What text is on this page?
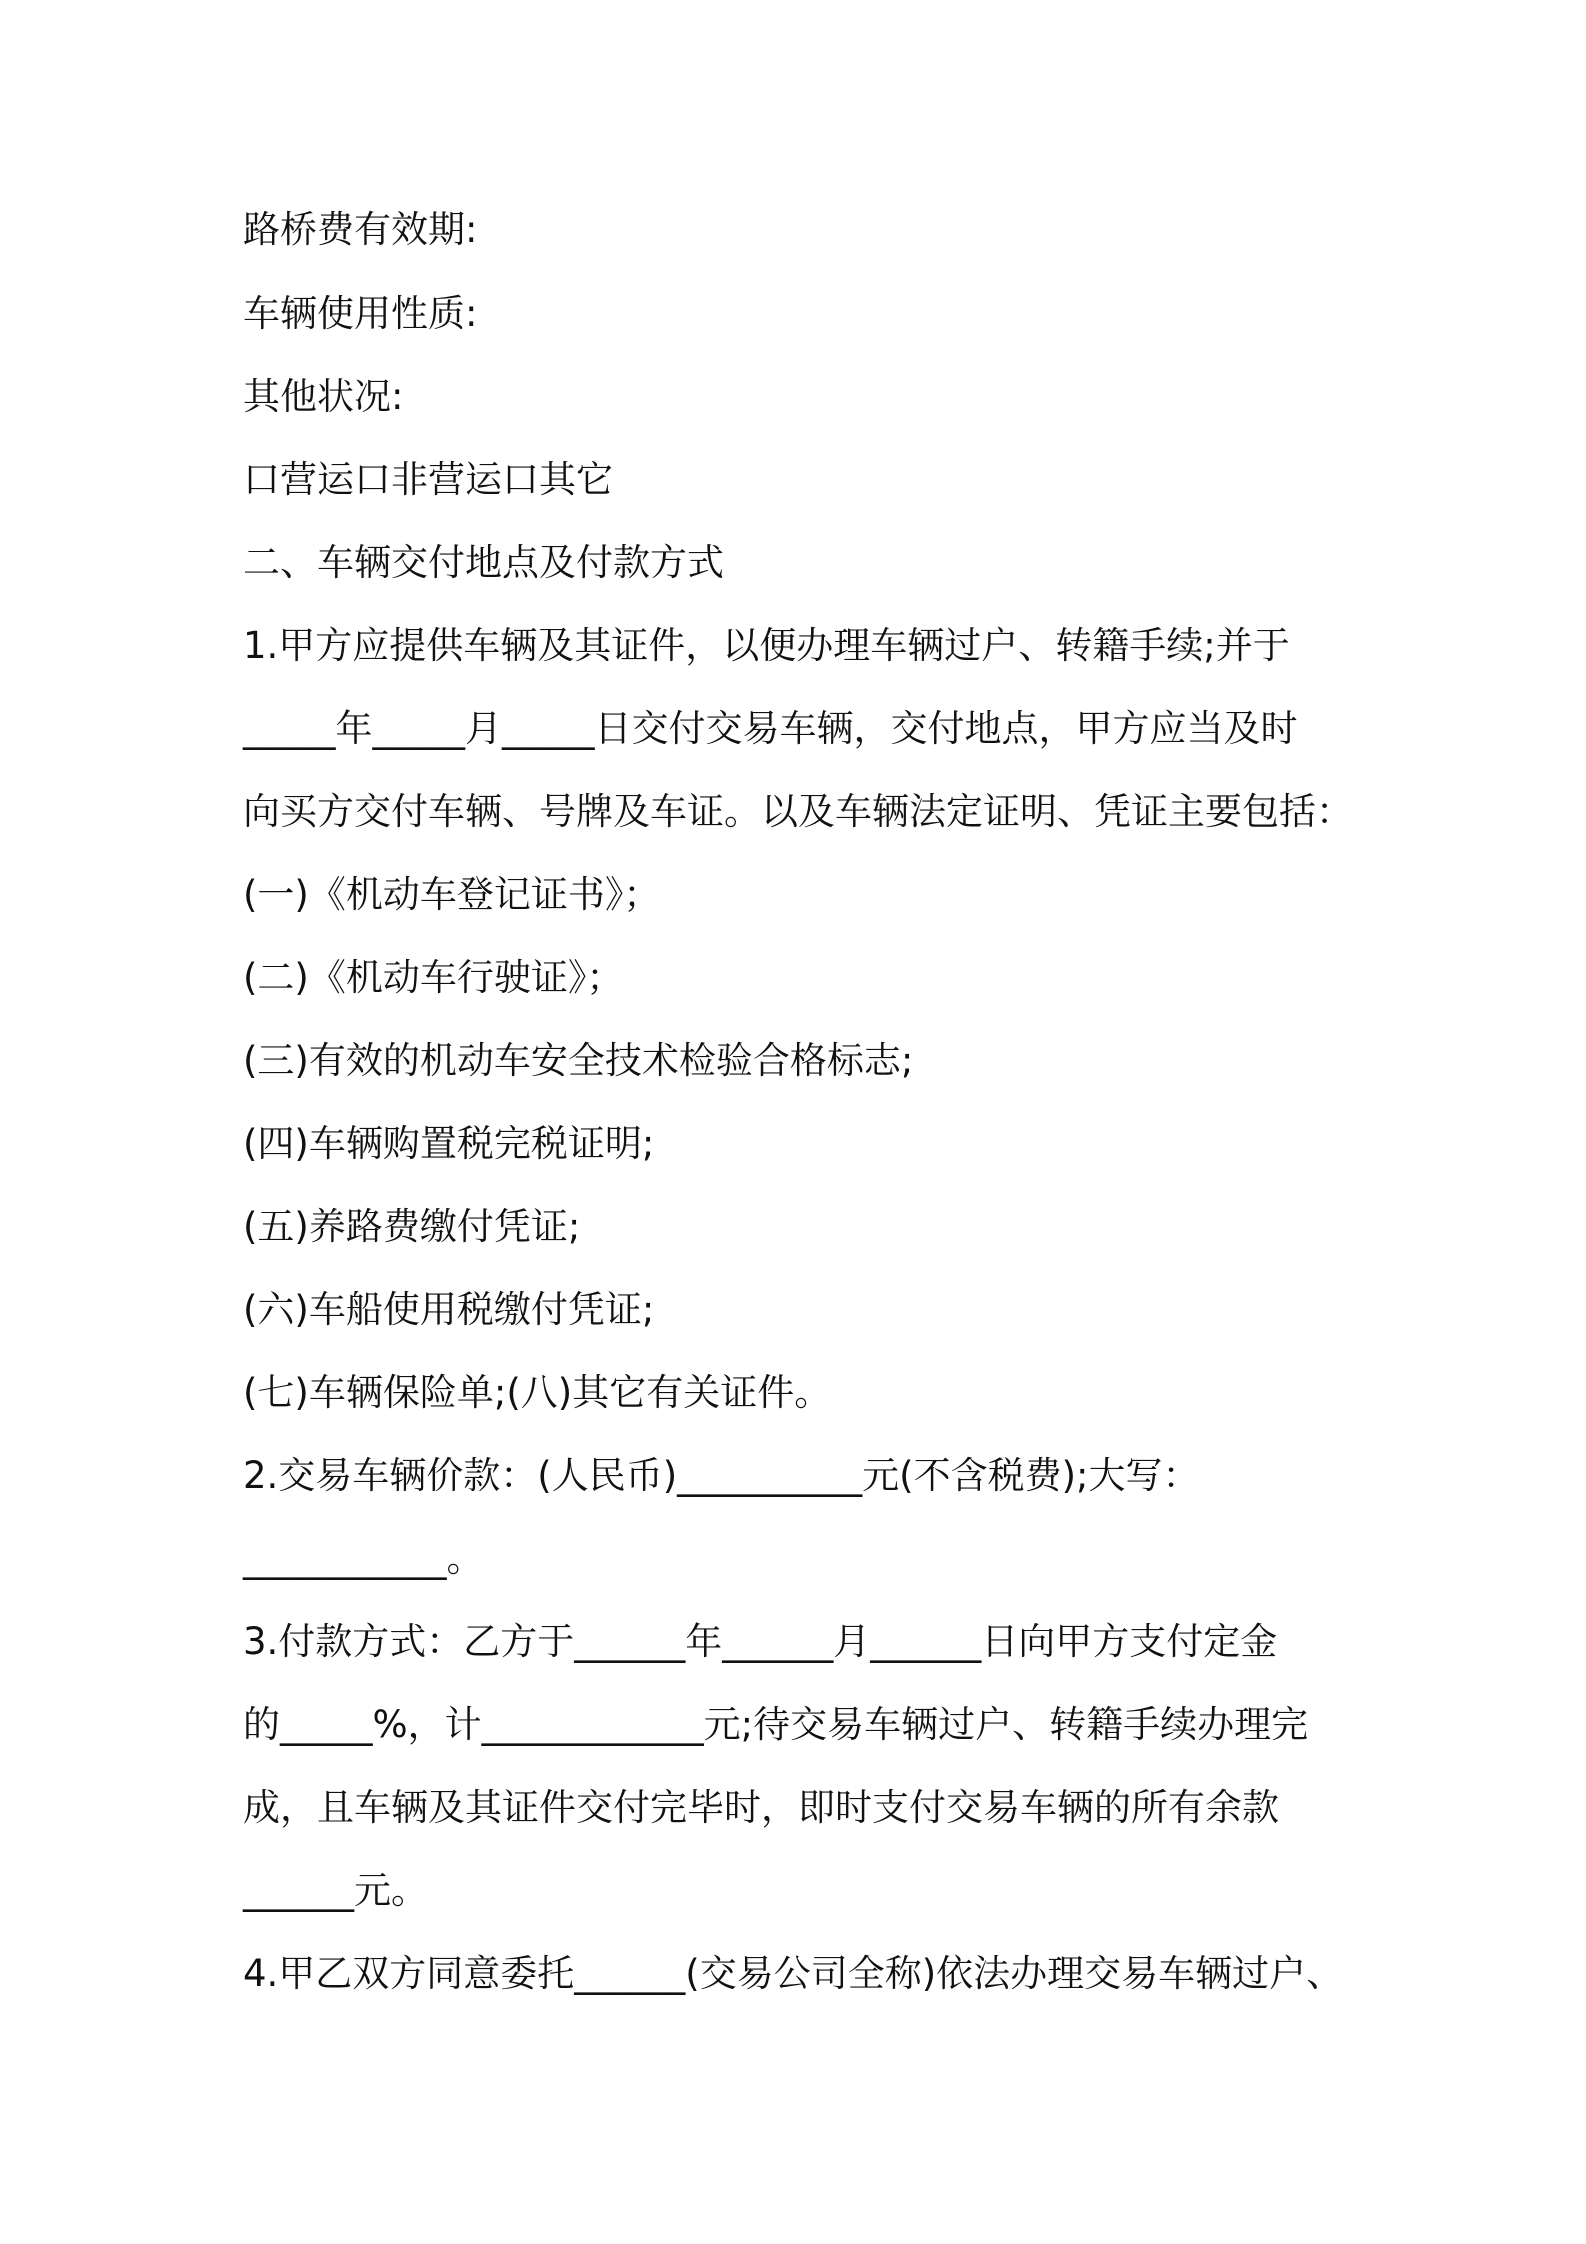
路桥费有效期:

车辆使用性质:

其他状况:

口营运口非营运口其它

二、车辆交付地点及付款方式

1.甲方应提供车辆及其证件，以便办理车辆过户、转籍手续;并于

_____年_____月_____日交付交易车辆，交付地点，甲方应当及时

向买方交付车辆、号牌及车证。以及车辆法定证明、凭证主要包括：

(一)《机动车登记证书》；

(二)《机动车行驶证》；

(三)有效的机动车安全技术检验合格标志;

(四)车辆购置税完税证明;

(五)养路费缴付凭证;

(六)车船使用税缴付凭证;

(七)车辆保险单;(八)其它有关证件。

2.交易车辆价款：(人民币)__________元(不含税费);大写：

___________。

3.付款方式：乙方于______年______月______日向甲方支付定金

的_____%，计____________元;待交易车辆过户、转籍手续办理完

成，且车辆及其证件交付完毕时，即时支付交易车辆的所有余款

______元。

4.甲乙双方同意委托______(交易公司全称)依法办理交易车辆过户、
